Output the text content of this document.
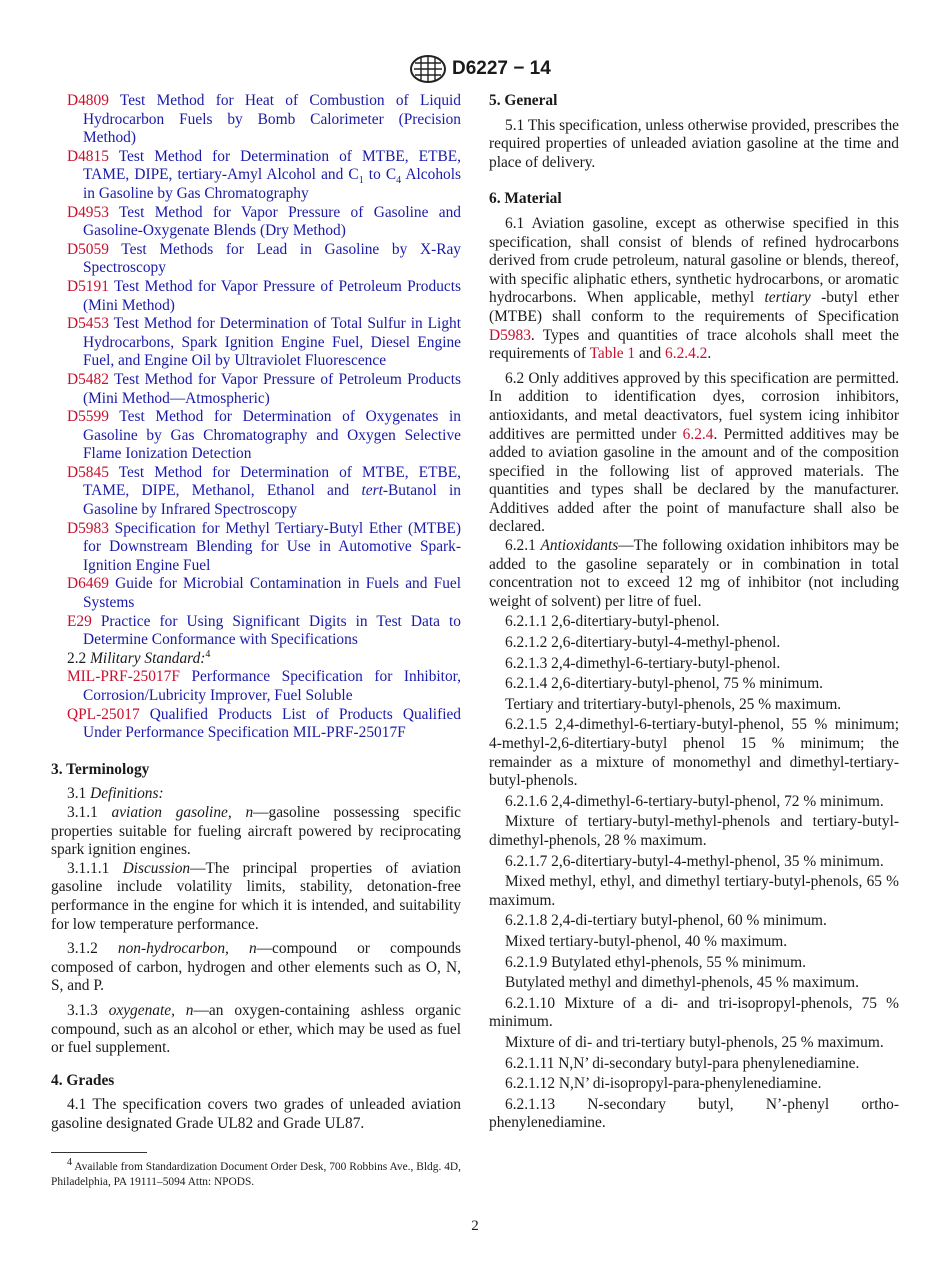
D6227 − 14

D4809 Test Method for Heat of Combustion of Liquid Hydrocarbon Fuels by Bomb Calorimeter (Precision Method)

D4815 Test Method for Determination of MTBE, ETBE, TAME, DIPE, tertiary-Amyl Alcohol and $C_1$ to $C_4$ Alcohols in Gasoline by Gas Chromatography

D4953 Test Method for Vapor Pressure of Gasoline and Gasoline-Oxygenate Blends (Dry Method)

D5059 Test Methods for Lead in Gasoline by X-Ray Spectroscopy

D5191 Test Method for Vapor Pressure of Petroleum Products (Mini Method)

D5453 Test Method for Determination of Total Sulfur in Light Hydrocarbons, Spark Ignition Engine Fuel, Diesel Engine Fuel, and Engine Oil by Ultraviolet Fluorescence

D5482 Test Method for Vapor Pressure of Petroleum Products (Mini Method—Atmospheric)

D5599 Test Method for Determination of Oxygenates in Gasoline by Gas Chromatography and Oxygen Selective Flame Ionization Detection

D5845 Test Method for Determination of MTBE, ETBE, TAME, DIPE, Methanol, Ethanol and tert-Butanol in Gasoline by Infrared Spectroscopy

D5983 Specification for Methyl Tertiary-Butyl Ether (MTBE) for Downstream Blending for Use in Automotive Spark-Ignition Engine Fuel

D6469 Guide for Microbial Contamination in Fuels and Fuel Systems

E29 Practice for Using Significant Digits in Test Data to Determine Conformance with Specifications

2.2 Military Standard:$^4$

MIL-PRF-25017F Performance Specification for Inhibitor, Corrosion/Lubricity Improver, Fuel Soluble

QPL-25017 Qualified Products List of Products Qualified Under Performance Specification MIL-PRF-25017F

3. Terminology

3.1 Definitions:

3.1.1 aviation gasoline, n—gasoline possessing specific properties suitable for fueling aircraft powered by reciprocating spark ignition engines.

3.1.1.1 Discussion—The principal properties of aviation gasoline include volatility limits, stability, detonation-free performance in the engine for which it is intended, and suitability for low temperature performance.

3.1.2 non-hydrocarbon, n—compound or compounds composed of carbon, hydrogen and other elements such as O, N, S, and P.

3.1.3 oxygenate, n—an oxygen-containing ashless organic compound, such as an alcohol or ether, which may be used as fuel or fuel supplement.

4. Grades

4.1 The specification covers two grades of unleaded aviation gasoline designated Grade UL82 and Grade UL87.

$^4$ Available from Standardization Document Order Desk, 700 Robbins Ave., Bldg. 4D, Philadelphia, PA 19111–5094 Attn: NPODS.

5. General

5.1 This specification, unless otherwise provided, prescribes the required properties of unleaded aviation gasoline at the time and place of delivery.

6. Material

6.1 Aviation gasoline, except as otherwise specified in this specification, shall consist of blends of refined hydrocarbons derived from crude petroleum, natural gasoline or blends, thereof, with specific aliphatic ethers, synthetic hydrocarbons, or aromatic hydrocarbons. When applicable, methyl tertiary -butyl ether (MTBE) shall conform to the requirements of Specification D5983. Types and quantities of trace alcohols shall meet the requirements of Table 1 and 6.2.4.2.

6.2 Only additives approved by this specification are permitted. In addition to identification dyes, corrosion inhibitors, antioxidants, and metal deactivators, fuel system icing inhibitor additives are permitted under 6.2.4. Permitted additives may be added to aviation gasoline in the amount and of the composition specified in the following list of approved materials. The quantities and types shall be declared by the manufacturer. Additives added after the point of manufacture shall also be declared.

6.2.1 Antioxidants—The following oxidation inhibitors may be added to the gasoline separately or in combination in total concentration not to exceed 12 mg of inhibitor (not including weight of solvent) per litre of fuel.

6.2.1.1 2,6-ditertiary-butyl-phenol.

6.2.1.2 2,6-ditertiary-butyl-4-methyl-phenol.

6.2.1.3 2,4-dimethyl-6-tertiary-butyl-phenol.

6.2.1.4 2,6-ditertiary-butyl-phenol, 75 % minimum.

Tertiary and tritertiary-butyl-phenols, 25 % maximum.

6.2.1.5 2,4-dimethyl-6-tertiary-butyl-phenol, 55 % minimum; 4-methyl-2,6-ditertiary-butyl phenol 15 % minimum; the remainder as a mixture of monomethyl and dimethyl-tertiary-butyl-phenols.

6.2.1.6 2,4-dimethyl-6-tertiary-butyl-phenol, 72 % minimum.

Mixture of tertiary-butyl-methyl-phenols and tertiary-butyl-dimethyl-phenols, 28 % maximum.

6.2.1.7 2,6-ditertiary-butyl-4-methyl-phenol, 35 % minimum.

Mixed methyl, ethyl, and dimethyl tertiary-butyl-phenols, 65 % maximum.

6.2.1.8 2,4-di-tertiary butyl-phenol, 60 % minimum.

Mixed tertiary-butyl-phenol, 40 % maximum.

6.2.1.9 Butylated ethyl-phenols, 55 % minimum.

Butylated methyl and dimethyl-phenols, 45 % maximum.

6.2.1.10 Mixture of a di- and tri-isopropyl-phenols, 75 % minimum.

Mixture of di- and tri-tertiary butyl-phenols, 25 % maximum.

6.2.1.11 N,N’ di-secondary butyl-para phenylenediamine.

6.2.1.12 N,N’ di-isopropyl-para-phenylenediamine.

6.2.1.13 N-secondary butyl, N’-phenyl ortho-phenylenediamine.

2
